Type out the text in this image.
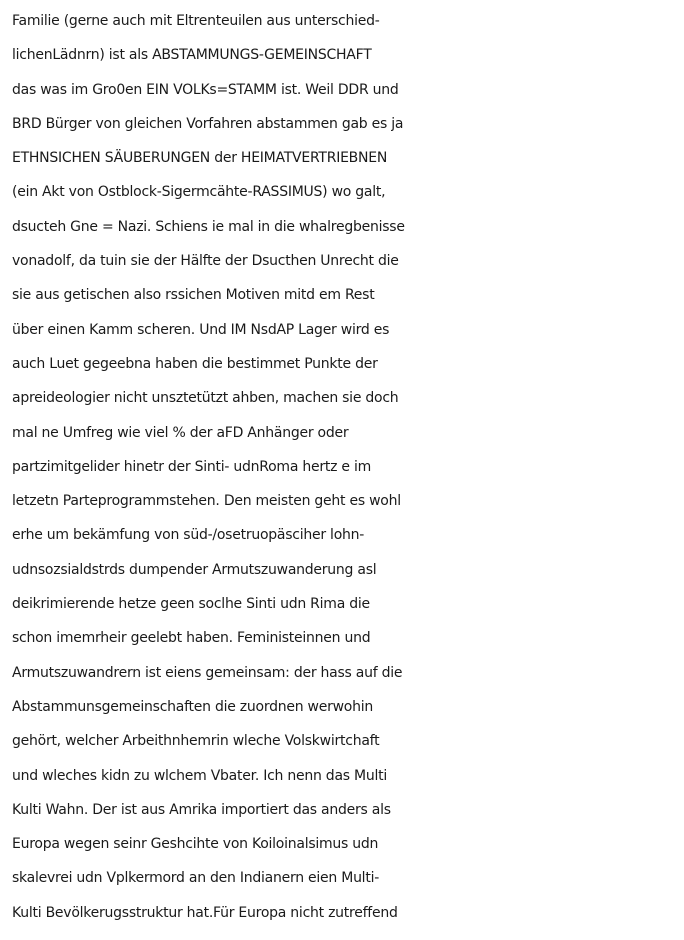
Familie (gerne auch mit Eltrenteuilen aus unterschied-
lichenLädnrn) ist als ABSTAMMUNGS-GEMEINSCHAFT
das was im Gro0en EIN VOLKs=STAMM ist. Weil DDR und
BRD Bürger von gleichen Vorfahren abstammen gab es ja
ETHNSICHEN SÄUBERUNGEN der HEIMATVERTRIEBNEN
(ein Akt von Ostblock-Sigermcähte-RASSIMUS) wo galt,
dsucteh Gne = Nazi. Schiens ie mal in die whalregbenisse
vonadolf, da tuin sie der Hälfte der Dsucthen Unrecht die
sie aus getischen also rssichen Motiven mitd em Rest
über einen Kamm scheren. Und IM NsdAP Lager wird es
auch Luet gegeebna haben die bestimmet Punkte der
apreideologier nicht unsztetützt ahben, machen sie doch
mal ne Umfreg wie viel % der aFD Anhänger oder
partzimitgelider hinetr der Sinti- udnRoma hertz e im
letzetn Parteprogrammstehen. Den meisten geht es wohl
erhe um bekämfung von süd-/osetruopäsciher lohn-
udnsozsialdstrds dumpender Armutszuwanderung asl
deikrimierende hetze geen soclhe Sinti udn Rima die
schon imemrheir geelebt haben. Feministeinnen und
Armutszuwandrern ist eiens gemeinsam: der hass auf die
Abstammunsgemeinschaften die zuordnen werwohin
gehört, welcher Arbeithnhemrin wleche Volskwirtchaft
und wleches kidn zu wlchem Vbater. Ich nenn das Multi
Kulti Wahn. Der ist aus Amrika importiert das anders als
Europa wegen seinr Geshcihte von Koiloinalsimus udn
skalevrei udn Vplkermord an den Indianern eien Multi-
Kulti Bevölkerugsstruktur hat.Für Europa nicht zutreffend
